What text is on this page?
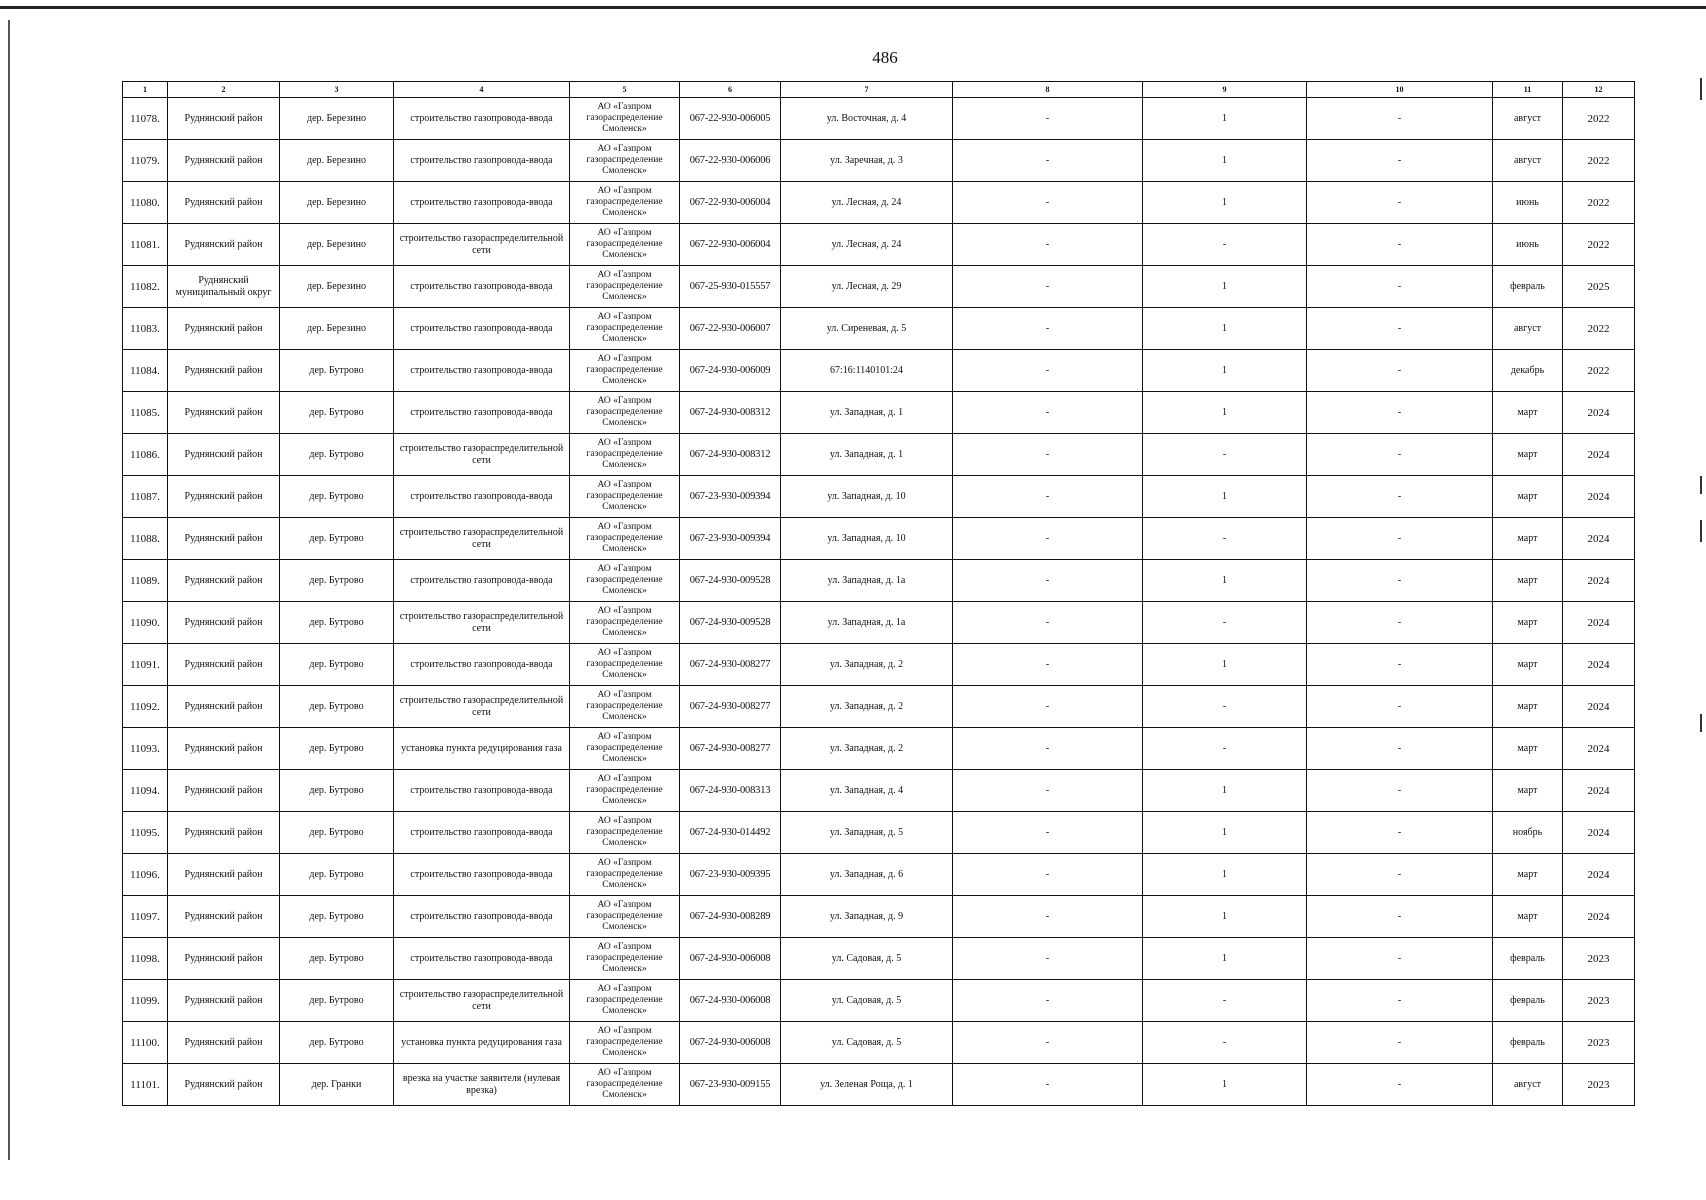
486
1	2	3	4	5	6	7	8	9	10	11	12
11078.	Руднянский район	дер. Березино	строительство газопровода-ввода	АО «Газпром газораспределение Смоленск»	067-22-930-006005	ул. Восточная, д. 4	-	1	-	август	2022
11079.	Руднянский район	дер. Березино	строительство газопровода-ввода	АО «Газпром газораспределение Смоленск»	067-22-930-006006	ул. Заречная, д. 3	-	1	-	август	2022
11080.	Руднянский район	дер. Березино	строительство газопровода-ввода	АО «Газпром газораспределение Смоленск»	067-22-930-006004	ул. Лесная, д. 24	-	1	-	июнь	2022
11081.	Руднянский район	дер. Березино	строительство газораспределительной сети	АО «Газпром газораспределение Смоленск»	067-22-930-006004	ул. Лесная, д. 24	-	-	-	июнь	2022
11082.	Руднянский муниципальный округ	дер. Березино	строительство газопровода-ввода	АО «Газпром газораспределение Смоленск»	067-25-930-015557	ул. Лесная, д. 29	-	1	-	февраль	2025
11083.	Руднянский район	дер. Березино	строительство газопровода-ввода	АО «Газпром газораспределение Смоленск»	067-22-930-006007	ул. Сиреневая, д. 5	-	1	-	август	2022
11084.	Руднянский район	дер. Бутрово	строительство газопровода-ввода	АО «Газпром газораспределение Смоленск»	067-24-930-006009	67:16:1140101:24	-	1	-	декабрь	2022
11085.	Руднянский район	дер. Бутрово	строительство газопровода-ввода	АО «Газпром газораспределение Смоленск»	067-24-930-008312	ул. Западная, д. 1	-	1	-	март	2024
11086.	Руднянский район	дер. Бутрово	строительство газораспределительной сети	АО «Газпром газораспределение Смоленск»	067-24-930-008312	ул. Западная, д. 1	-	-	-	март	2024
11087.	Руднянский район	дер. Бутрово	строительство газопровода-ввода	АО «Газпром газораспределение Смоленск»	067-23-930-009394	ул. Западная, д. 10	-	1	-	март	2024
11088.	Руднянский район	дер. Бутрово	строительство газораспределительной сети	АО «Газпром газораспределение Смоленск»	067-23-930-009394	ул. Западная, д. 10	-	-	-	март	2024
11089.	Руднянский район	дер. Бутрово	строительство газопровода-ввода	АО «Газпром газораспределение Смоленск»	067-24-930-009528	ул. Западная, д. 1а	-	1	-	март	2024
11090.	Руднянский район	дер. Бутрово	строительство газораспределительной сети	АО «Газпром газораспределение Смоленск»	067-24-930-009528	ул. Западная, д. 1а	-	-	-	март	2024
11091.	Руднянский район	дер. Бутрово	строительство газопровода-ввода	АО «Газпром газораспределение Смоленск»	067-24-930-008277	ул. Западная, д. 2	-	1	-	март	2024
11092.	Руднянский район	дер. Бутрово	строительство газораспределительной сети	АО «Газпром газораспределение Смоленск»	067-24-930-008277	ул. Западная, д. 2	-	-	-	март	2024
11093.	Руднянский район	дер. Бутрово	установка пункта редуцирования газа	АО «Газпром газораспределение Смоленск»	067-24-930-008277	ул. Западная, д. 2	-	-	-	март	2024
11094.	Руднянский район	дер. Бутрово	строительство газопровода-ввода	АО «Газпром газораспределение Смоленск»	067-24-930-008313	ул. Западная, д. 4	-	1	-	март	2024
11095.	Руднянский район	дер. Бутрово	строительство газопровода-ввода	АО «Газпром газораспределение Смоленск»	067-24-930-014492	ул. Западная, д. 5	-	1	-	ноябрь	2024
11096.	Руднянский район	дер. Бутрово	строительство газопровода-ввода	АО «Газпром газораспределение Смоленск»	067-23-930-009395	ул. Западная, д. 6	-	1	-	март	2024
11097.	Руднянский район	дер. Бутрово	строительство газопровода-ввода	АО «Газпром газораспределение Смоленск»	067-24-930-008289	ул. Западная, д. 9	-	1	-	март	2024
11098.	Руднянский район	дер. Бутрово	строительство газопровода-ввода	АО «Газпром газораспределение Смоленск»	067-24-930-006008	ул. Садовая, д. 5	-	1	-	февраль	2023
11099.	Руднянский район	дер. Бутрово	строительство газораспределительной сети	АО «Газпром газораспределение Смоленск»	067-24-930-006008	ул. Садовая, д. 5	-	-	-	февраль	2023
11100.	Руднянский район	дер. Бутрово	установка пункта редуцирования газа	АО «Газпром газораспределение Смоленск»	067-24-930-006008	ул. Садовая, д. 5	-	-	-	февраль	2023
11101.	Руднянский район	дер. Гранки	врезка на участке заявителя (нулевая врезка)	АО «Газпром газораспределение Смоленск»	067-23-930-009155	ул. Зеленая Роща, д. 1	-	1	-	август	2023
